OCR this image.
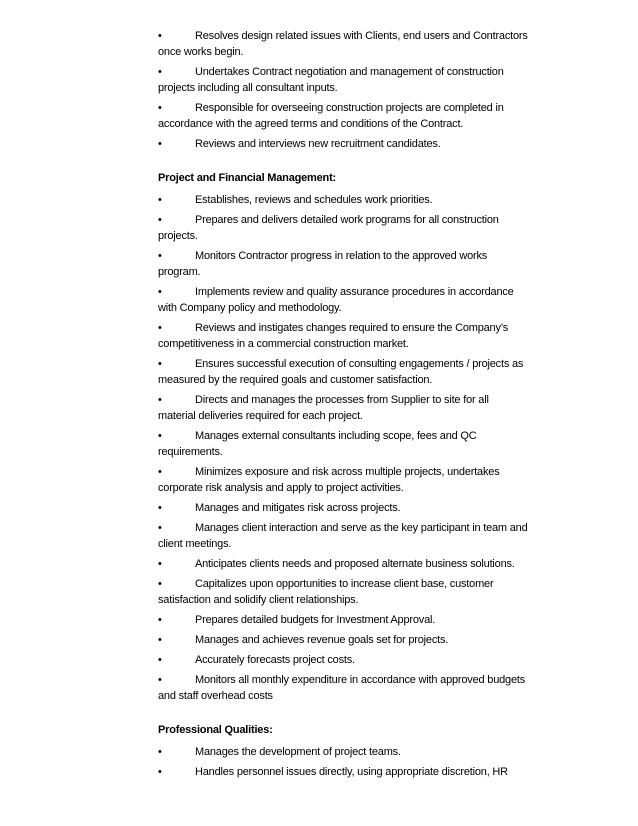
•	Resolves design related issues with Clients, end users and Contractors once works begin.
•	Undertakes Contract negotiation and management of construction projects including all consultant inputs.
•	Responsible for overseeing construction projects are completed in accordance with the agreed terms and conditions of the Contract.
•	Reviews and interviews new recruitment candidates.
Project and Financial Management:
•	Establishes, reviews and schedules work priorities.
•	Prepares and delivers detailed work programs for all construction projects.
•	Monitors Contractor progress in relation to the approved works program.
•	Implements review and quality assurance procedures in accordance with Company policy and methodology.
•	Reviews and instigates changes required to ensure the Company’s competitiveness in a commercial construction market.
•	Ensures successful execution of consulting engagements / projects as measured by the required goals and customer satisfaction.
•	Directs and manages the processes from Supplier to site for all material deliveries required for each project.
•	Manages external consultants including scope, fees and QC requirements.
•	Minimizes exposure and risk across multiple projects, undertakes corporate risk analysis and apply to project activities.
•	Manages and mitigates risk across projects.
•	Manages client interaction and serve as the key participant in team and client meetings.
•	Anticipates clients needs and proposed alternate business solutions.
•	Capitalizes upon opportunities to increase client base, customer satisfaction and solidify client relationships.
•	Prepares detailed budgets for Investment Approval.
•	Manages and achieves revenue goals set for projects.
•	Accurately forecasts project costs.
•	Monitors all monthly expenditure in accordance with approved budgets and staff overhead costs
Professional Qualities:
•	Manages the development of project teams.
•	Handles personnel issues directly, using appropriate discretion, HR
